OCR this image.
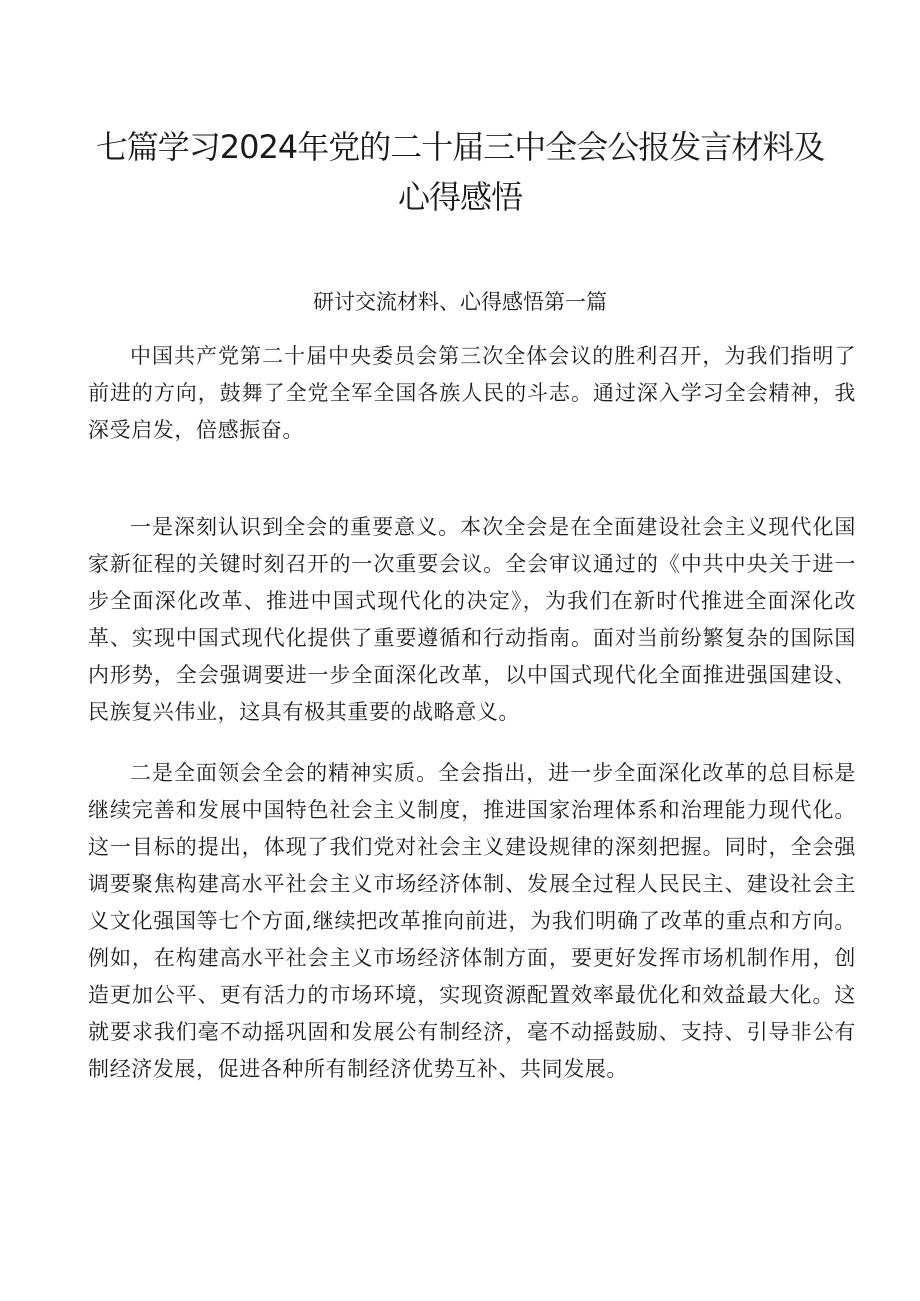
七篇学习2024年党的二十届三中全会公报发言材料及
心得感悟
研讨交流材料、心得感悟第一篇

中国共产党第二十届中央委员会第三次全体会议的胜利召开，为我们指明了前进的方向，鼓舞了全党全军全国各族人民的斗志。通过深入学习全会精神，我深受启发，倍感振奋。

一是深刻认识到全会的重要意义。本次全会是在全面建设社会主义现代化国家新征程的关键时刻召开的一次重要会议。全会审议通过的《中共中央关于进一步全面深化改革、推进中国式现代化的决定》，为我们在新时代推进全面深化改革、实现中国式现代化提供了重要遵循和行动指南。面对当前纷繁复杂的国际国内形势，全会强调要进一步全面深化改革，以中国式现代化全面推进强国建设、民族复兴伟业，这具有极其重要的战略意义。

二是全面领会全会的精神实质。全会指出，进一步全面深化改革的总目标是继续完善和发展中国特色社会主义制度，推进国家治理体系和治理能力现代化。这一目标的提出，体现了我们党对社会主义建设规律的深刻把握。同时，全会强调要聚焦构建高水平社会主义市场经济体制、发展全过程人民民主、建设社会主义文化强国等七个方面,继续把改革推向前进，为我们明确了改革的重点和方向。例如，在构建高水平社会主义市场经济体制方面，要更好发挥市场机制作用，创造更加公平、更有活力的市场环境，实现资源配置效率最优化和效益最大化。这就要求我们毫不动摇巩固和发展公有制经济，毫不动摇鼓励、支持、引导非公有制经济发展，促进各种所有制经济优势互补、共同发展。
